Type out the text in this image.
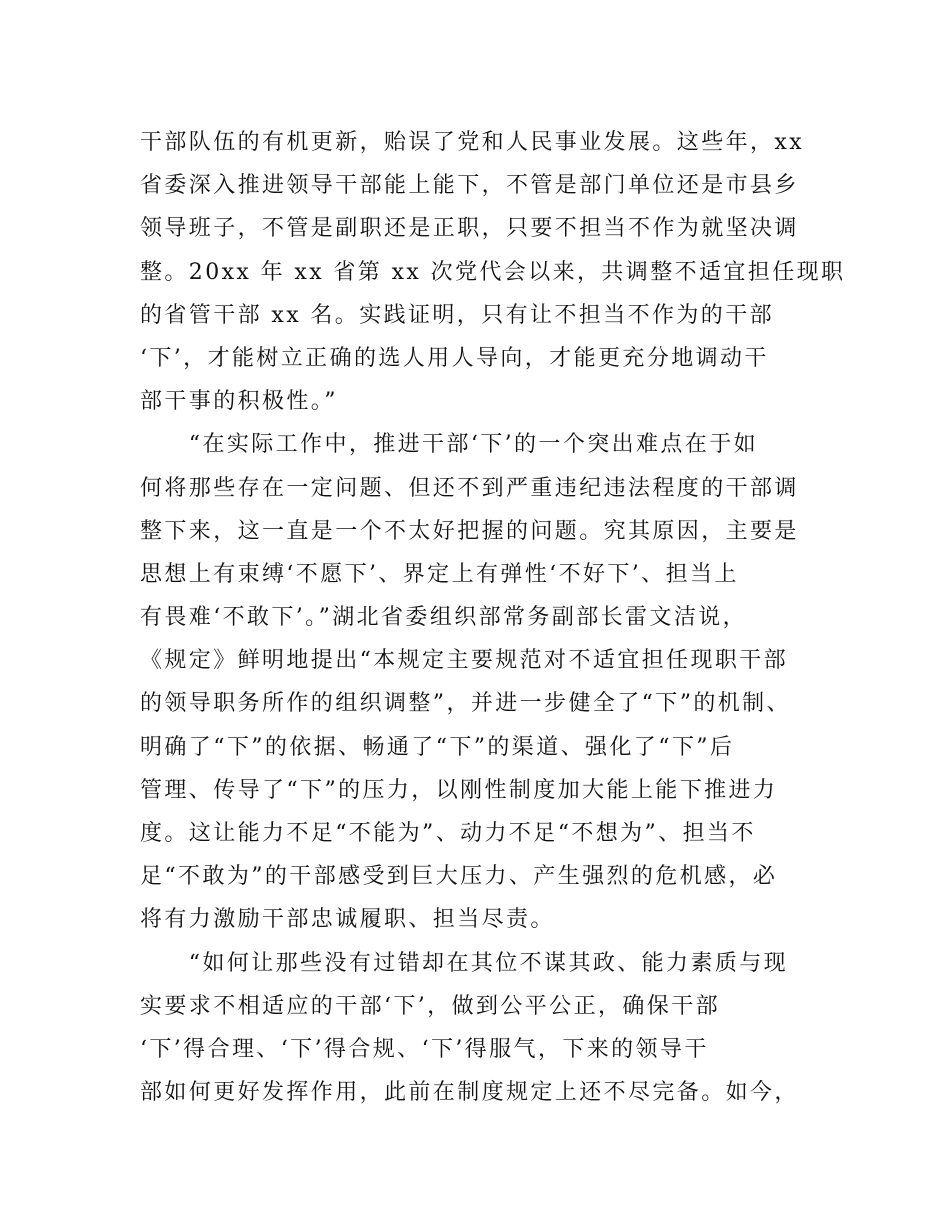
干部队伍的有机更新，贻误了党和人民事业发展。这些年，xx
省委深入推进领导干部能上能下，不管是部门单位还是市县乡
领导班子，不管是副职还是正职，只要不担当不作为就坚决调
整。20xx 年 xx 省第 xx 次党代会以来，共调整不适宜担任现职
的省管干部 xx 名。实践证明，只有让不担当不作为的干部
‘下’，才能树立正确的选人用人导向，才能更充分地调动干
部干事的积极性。”
　　“在实际工作中，推进干部‘下’的一个突出难点在于如
何将那些存在一定问题、但还不到严重违纪违法程度的干部调
整下来，这一直是一个不太好把握的问题。究其原因，主要是
思想上有束缚‘不愿下’、界定上有弹性‘不好下’、担当上
有畏难‘不敢下’。”湖北省委组织部常务副部长雷文洁说，
《规定》鲜明地提出“本规定主要规范对不适宜担任现职干部
的领导职务所作的组织调整”，并进一步健全了“下”的机制、
明确了“下”的依据、畅通了“下”的渠道、强化了“下”后
管理、传导了“下”的压力，以刚性制度加大能上能下推进力
度。这让能力不足“不能为”、动力不足“不想为”、担当不
足“不敢为”的干部感受到巨大压力、产生强烈的危机感，必
将有力激励干部忠诚履职、担当尽责。
　　“如何让那些没有过错却在其位不谋其政、能力素质与现
实要求不相适应的干部‘下’，做到公平公正，确保干部
‘下’得合理、‘下’得合规、‘下’得服气，下来的领导干
部如何更好发挥作用，此前在制度规定上还不尽完备。如今，
